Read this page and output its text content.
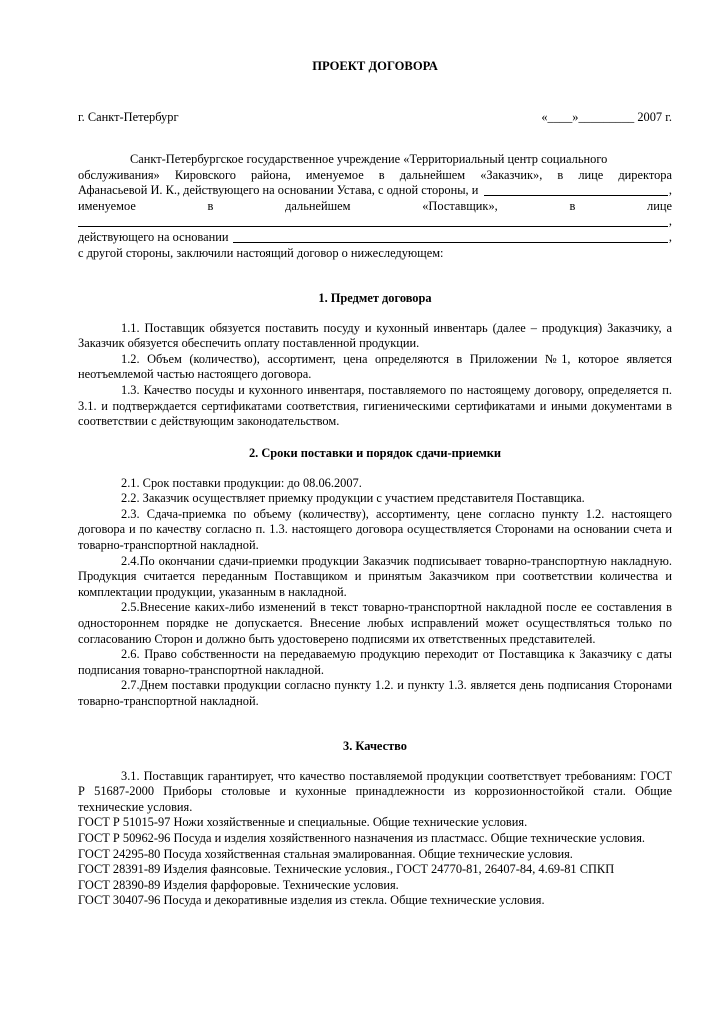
ПРОЕКТ ДОГОВОРА
г. Санкт-Петербург	«____»_________ 2007 г.

Санкт-Петербургское государственное учреждение «Территориальный центр социального

обслуживания» Кировского района, именуемое в дальнейшем «Заказчик», в лице директора

Афанасьевой И. К., действующего на основании Устава, с одной стороны, и	,
именуемое	в	дальнейшем	«Поставщик»,	в	лице
,
действующего на основании	,

с другой стороны, заключили настоящий договор о нижеследующем:

1. Предмет договора

1.1. Поставщик обязуется поставить посуду и кухонный инвентарь (далее – продукция) Заказчику, а Заказчик обязуется обеспечить оплату поставленной продукции.

1.2. Объем (количество), ассортимент, цена определяются в Приложении №1, которое является неотъемлемой частью настоящего договора.

1.3. Качество посуды и кухонного инвентаря, поставляемого по настоящему договору, определяется п. 3.1. и подтверждается сертификатами соответствия, гигиеническими сертификатами и иными документами в соответствии с действующим законодательством.

2. Сроки поставки и порядок сдачи-приемки

2.1. Срок поставки продукции: до 08.06.2007.

2.2. Заказчик осуществляет приемку продукции с участием представителя Поставщика.

2.3. Сдача-приемка по объему (количеству), ассортименту, цене согласно пункту 1.2. настоящего договора и по качеству согласно п. 1.3. настоящего договора осуществляется Сторонами на основании счета и товарно-транспортной накладной.

2.4.По окончании сдачи-приемки продукции Заказчик подписывает товарно-транспортную накладную. Продукция считается переданным Поставщиком и принятым Заказчиком при соответствии количества и комплектации продукции, указанным в накладной.

2.5.Внесение каких-либо изменений в текст товарно-транспортной накладной после ее составления в одностороннем порядке не допускается. Внесение любых исправлений может осуществляться только по согласованию Сторон и должно быть удостоверено подписями их ответственных представителей.

2.6. Право собственности на передаваемую продукцию переходит от Поставщика к Заказчику с даты подписания товарно-транспортной накладной.

2.7.Днем поставки продукции согласно пункту 1.2. и пункту 1.3. является день подписания Сторонами товарно-транспортной накладной.

3. Качество

3.1. Поставщик гарантирует, что качество поставляемой продукции соответствует требованиям: ГОСТ Р 51687-2000 Приборы столовые и кухонные принадлежности из коррозионностойкой стали. Общие технические условия.

ГОСТ Р 51015-97 Ножи хозяйственные и специальные. Общие технические условия.

ГОСТ Р 50962-96 Посуда и изделия хозяйственного назначения из пластмасс. Общие технические условия.

ГОСТ 24295-80 Посуда хозяйственная стальная эмалированная. Общие технические условия.

ГОСТ 28391-89 Изделия фаянсовые. Технические условия., ГОСТ 24770-81, 26407-84, 4.69-81 СПКП

ГОСТ 28390-89 Изделия фарфоровые. Технические условия.

ГОСТ 30407-96 Посуда и декоративные изделия из стекла. Общие технические условия.
